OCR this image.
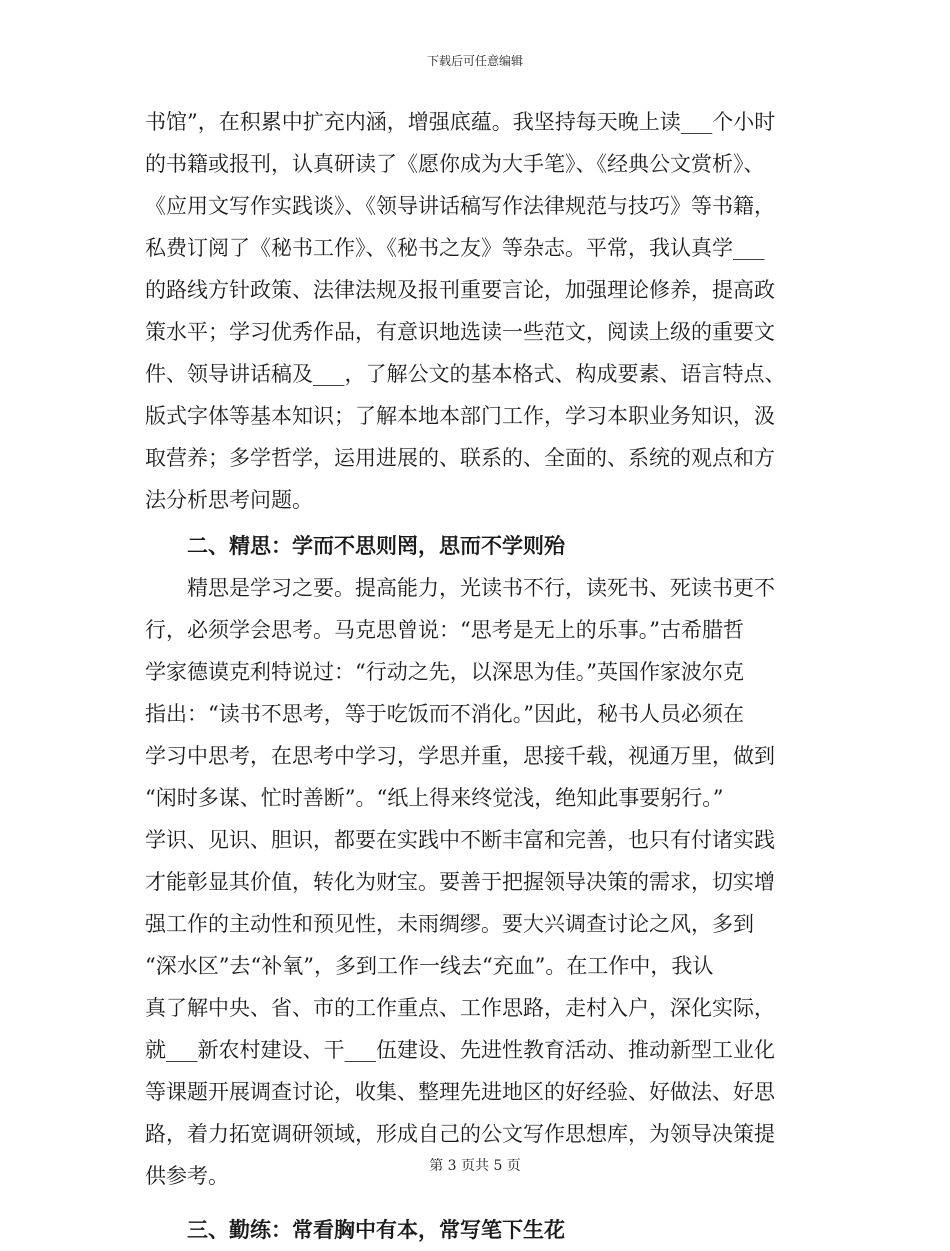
下载后可任意编辑
书馆”，在积累中扩充内涵，增强底蕴。我坚持每天晚上读___个小时
的书籍或报刊，认真研读了《愿你成为大手笔》、《经典公文赏析》、
《应用文写作实践谈》、《领导讲话稿写作法律规范与技巧》等书籍，
私费订阅了《秘书工作》、《秘书之友》等杂志。平常，我认真学___
的路线方针政策、法律法规及报刊重要言论，加强理论修养，提高政
策水平；学习优秀作品，有意识地选读一些范文，阅读上级的重要文
件、领导讲话稿及___，了解公文的基本格式、构成要素、语言特点、
版式字体等基本知识；了解本地本部门工作，学习本职业务知识，汲
取营养；多学哲学，运用进展的、联系的、全面的、系统的观点和方
法分析思考问题。
二、精思：学而不思则罔，思而不学则殆
精思是学习之要。提高能力，光读书不行，读死书、死读书更不
行，必须学会思考。马克思曾说：“思考是无上的乐事。”古希腊哲
学家德谟克利特说过：“行动之先，以深思为佳。”英国作家波尔克
指出：“读书不思考，等于吃饭而不消化。”因此，秘书人员必须在
学习中思考，在思考中学习，学思并重，思接千载，视通万里，做到
“闲时多谋、忙时善断”。“纸上得来终觉浅，绝知此事要躬行。”
学识、见识、胆识，都要在实践中不断丰富和完善，也只有付诸实践
才能彰显其价值，转化为财宝。要善于把握领导决策的需求，切实增
强工作的主动性和预见性，未雨绸缪。要大兴调查讨论之风，多到
“深水区”去“补氧”，多到工作一线去“充血”。在工作中，我认
真了解中央、省、市的工作重点、工作思路，走村入户，深化实际，
就___新农村建设、干___伍建设、先进性教育活动、推动新型工业化
等课题开展调查讨论，收集、整理先进地区的好经验、好做法、好思
路，着力拓宽调研领域，形成自己的公文写作思想库，为领导决策提
供参考。
三、勤练：常看胸中有本，常写笔下生花
第 3 页共 5 页
